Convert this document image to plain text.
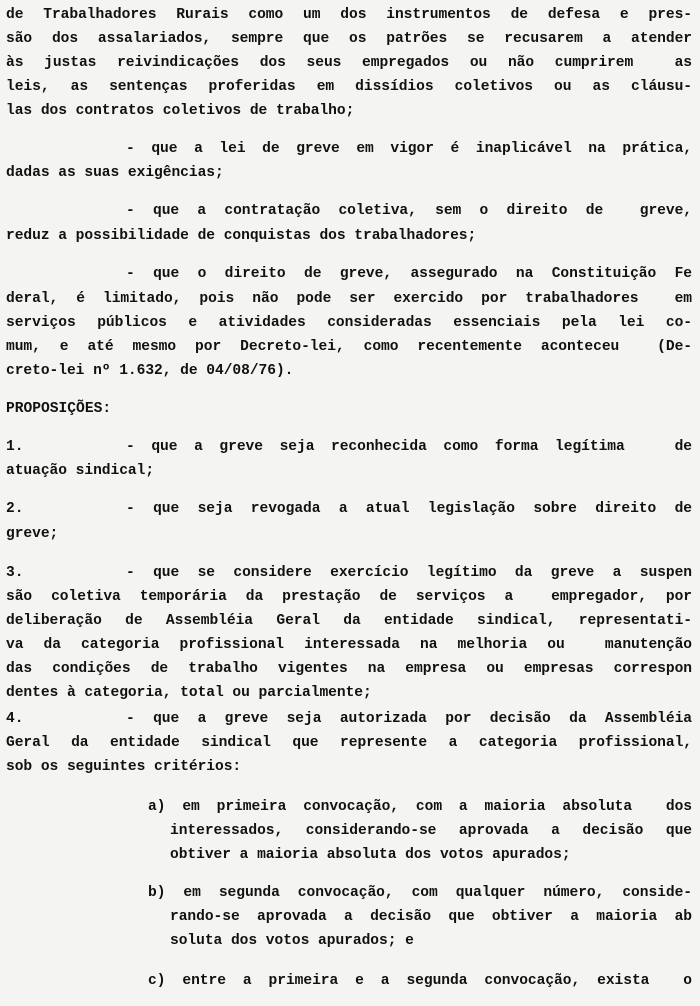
de Trabalhadores Rurais como um dos instrumentos de defesa e pres-
são dos assalariados, sempre que os patrões se recusarem a atender
às justas reivindicações dos seus empregados ou não cumprirem  as
leis, as sentenças proferidas em dissídios coletivos ou as cláusu-
las dos contratos coletivos de trabalho;
- que a lei de greve em vigor é inaplicável na prática,
dadas as suas exigências;
- que a contratação coletiva, sem o direito de  greve,
reduz a possibilidade de conquistas dos trabalhadores;
- que o direito de greve, assegurado na Constituição Fe
deral, é limitado, pois não pode ser exercido por trabalhadores  em
serviços públicos e atividades consideradas essenciais pela lei co-
mum, e até mesmo por Decreto-lei, como recentemente aconteceu  (De-
creto-lei nº 1.632, de 04/08/76).
PROPOSIÇÕES:
1.	- que a greve seja reconhecida como forma legítima   de
atuação sindical;
2.	- que seja revogada a atual legislação sobre direito de
greve;
3.	- que se considere exercício legítimo da greve a suspen
são coletiva temporária da prestação de serviços a  empregador, por
deliberação de Assembléia Geral da entidade sindical, representati-
va da categoria profissional interessada na melhoria ou  manutenção
das condições de trabalho vigentes na empresa ou empresas correspon
dentes à categoria, total ou parcialmente;
4.	- que a greve seja autorizada por decisão da Assembléia
Geral da entidade sindical que represente a categoria profissional,
sob os seguintes critérios:
a) em primeira convocação, com a maioria absoluta  dos
interessados, considerando-se aprovada a decisão que
obtiver a maioria absoluta dos votos apurados;
b) em segunda convocação, com qualquer número, conside-
rando-se aprovada a decisão que obtiver a maioria ab
soluta dos votos apurados; e
c) entre a primeira e a segunda convocação, exista  o
